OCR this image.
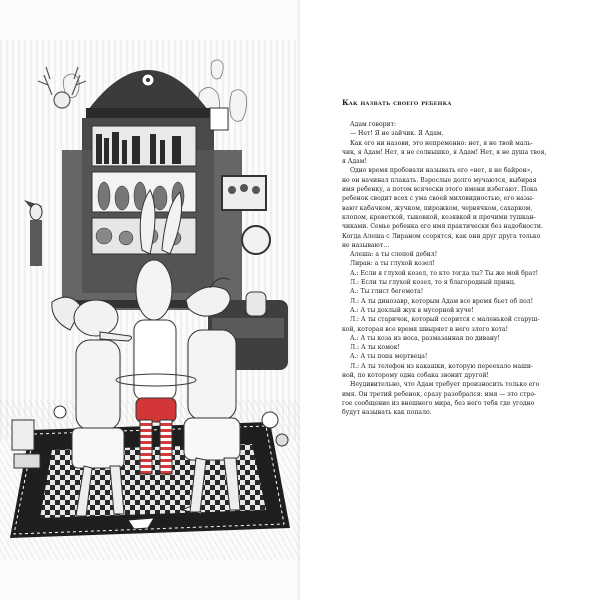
Как назвать своего ребенка

Адам говорит:

— Нет! Я не зайчик. Я Адам.

Как его ни назови, это непременно: нет, я не твой маль-

чик, я Адам! Нет, я не солнышко, я Адам! Нет, я не душа твоя,

я Адам!

Одно время пробовали называть его «нет, я не байрон»,

но он начинал плакать. Взрослые долго мучаются, выбирая

имя ребенку, а потом всячески этого имени избегают. Пока

ребенок сводит всех с ума своей миловидностью, его назы-

вают кабачком, жучком, пирожком, червячком, сахарком,

клопом, креветкой, тыковкой, козявкой и прочими тушкан-

чиками. Семье ребенка его имя практически без надобности.

Когда Алеша с Лираном ссорятся, как они друг друга только

не называют…

Алеша: а ты слепой дебил!

Лиран: а ты глухой козел!

А.: Если я глухой козел, то кто тогда ты? Ты же мой брат!

Л.: Если ты глухой козел, то я благородный принц.

А.: Ты глист бегемота!

Л.: А ты динозавр, которым Адам все время бьет об пол!

А.: А ты дохлый жук в мусорной куче!

Л.: А ты старичок, который ссорится с маленькой старуш-

кой, которая все время швыряет в него злого кота!

А.: А ты коза из носа, размазанная по дивану!

Л.: А ты комок!

А.: А ты попа мертвеца!

Л.: А ты телефон из какашки, которую переехало маши-

ной, по которому одна собака звонит другой!

Неудивительно, что Адам требует произносить только его

имя. Он третий ребенок, сразу разобрался: имя — это стро-

гое сообщение из внешнего мира, без него тебя где угодно

будут называть как попало.
